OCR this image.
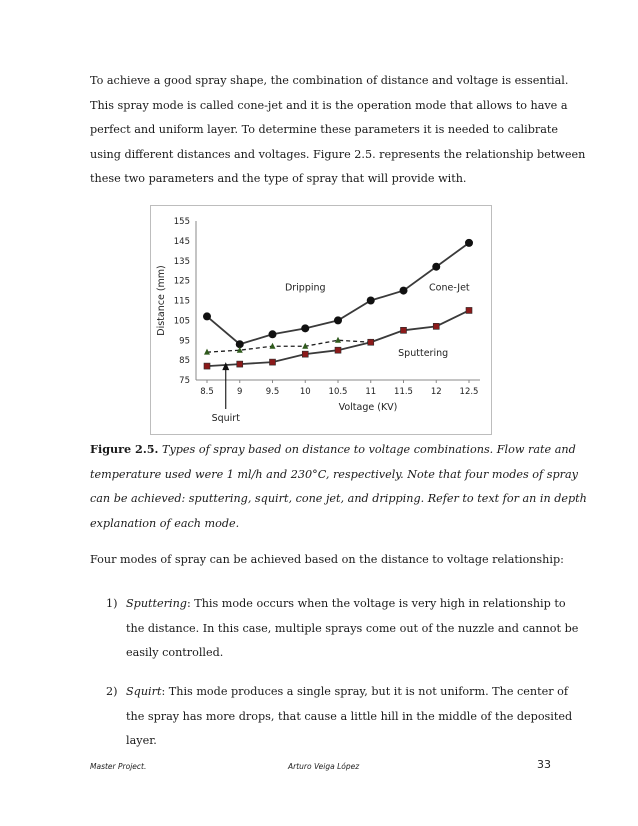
To achieve a good spray shape, the combination of distance and voltage is essential.
This spray mode is called cone-jet and it is the operation mode that allows to have a
perfect and uniform layer. To determine these parameters it is needed to calibrate
using different distances and voltages. Figure 2.5. represents the relationship between
these two parameters and the type of spray that will provide with.

75
85
95
105
115
125
135
145
155
8.5	9	9.5 10 10.5 11 11.5 12 12.5
Dripping	Cone-Jet
Sputtering
Squirt
Distance (mm)
Voltage (KV)

Figure 2.5. Types of spray based on distance to voltage combinations. Flow rate and
temperature used were 1 ml/h and 230°C, respectively. Note that four modes of spray
can be achieved: sputtering, squirt, cone jet, and dripping. Refer to text for an in depth
explanation of each mode.

Four modes of spray can be achieved based on the distance to voltage relationship:

1) Sputtering: This mode occurs when the voltage is very high in relationship to
the distance. In this case, multiple sprays come out of the nuzzle and cannot be
easily controlled.
2) Squirt: This mode produces a single spray, but it is not uniform. The center of
the spray has more drops, that cause a little hill in the middle of the deposited
layer.
Master Project.	Arturo Veiga López	33
